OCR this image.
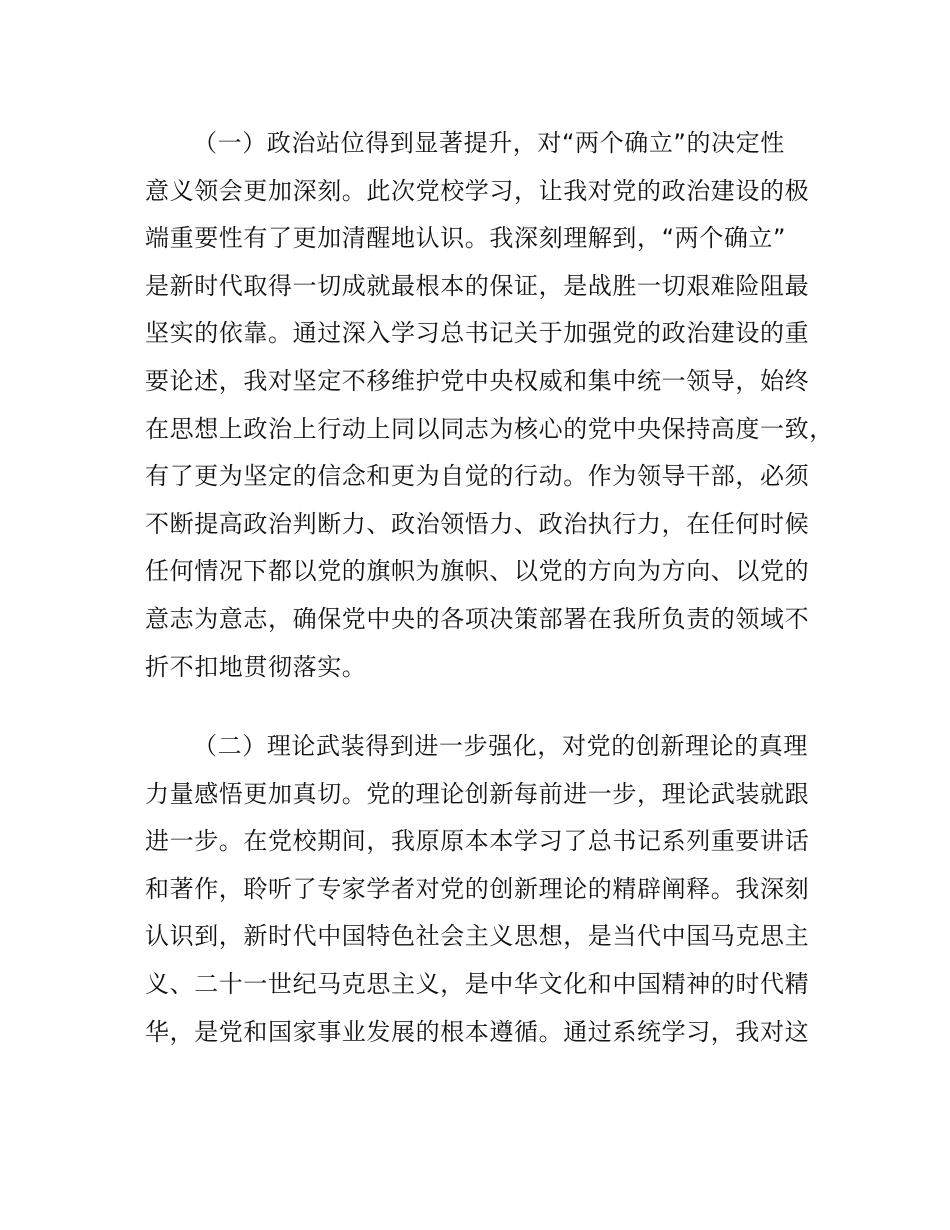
（一）政治站位得到显著提升，对“两个确立”的决定性
意义领会更加深刻。此次党校学习，让我对党的政治建设的极
端重要性有了更加清醒地认识。我深刻理解到，“两个确立”
是新时代取得一切成就最根本的保证，是战胜一切艰难险阻最
坚实的依靠。通过深入学习总书记关于加强党的政治建设的重
要论述，我对坚定不移维护党中央权威和集中统一领导，始终
在思想上政治上行动上同以同志为核心的党中央保持高度一致，
有了更为坚定的信念和更为自觉的行动。作为领导干部，必须
不断提高政治判断力、政治领悟力、政治执行力，在任何时候
任何情况下都以党的旗帜为旗帜、以党的方向为方向、以党的
意志为意志，确保党中央的各项决策部署在我所负责的领域不
折不扣地贯彻落实。
（二）理论武装得到进一步强化，对党的创新理论的真理
力量感悟更加真切。党的理论创新每前进一步，理论武装就跟
进一步。在党校期间，我原原本本学习了总书记系列重要讲话
和著作，聆听了专家学者对党的创新理论的精辟阐释。我深刻
认识到，新时代中国特色社会主义思想，是当代中国马克思主
义、二十一世纪马克思主义，是中华文化和中国精神的时代精
华，是党和国家事业发展的根本遵循。通过系统学习，我对这
